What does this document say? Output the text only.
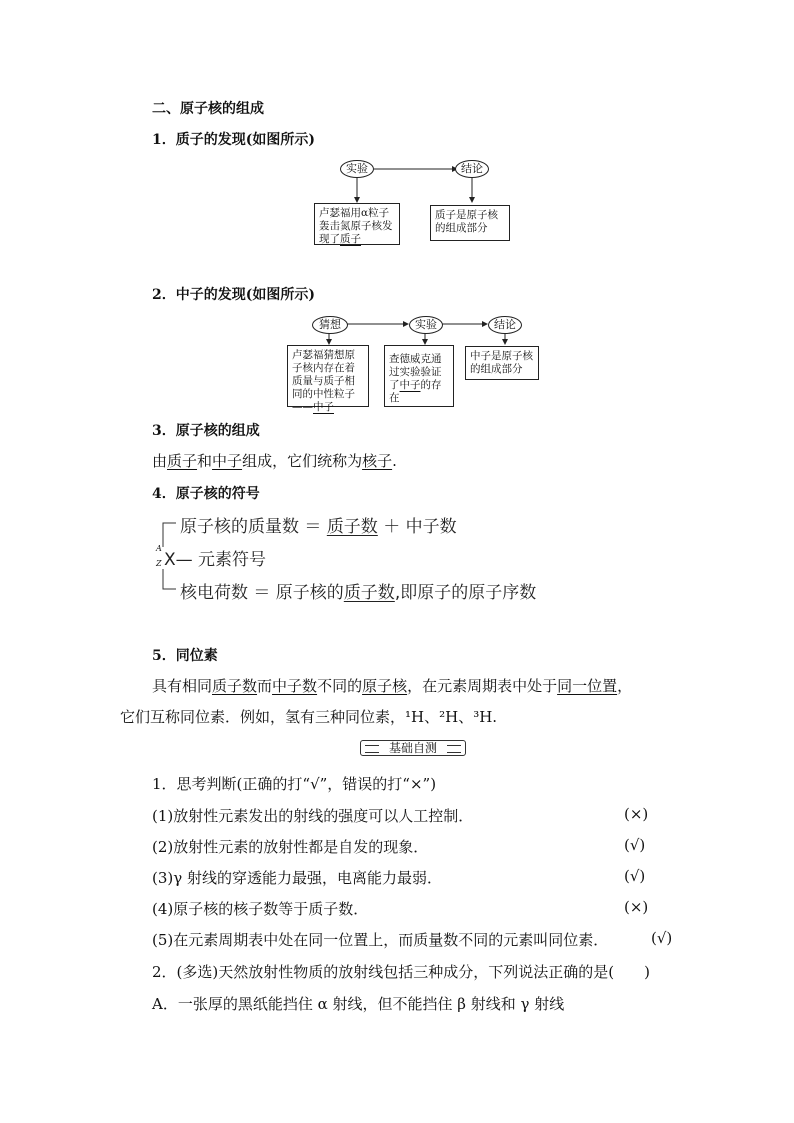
二、原子核的组成
1．质子的发现(如图所示)
实验	结论
卢瑟福用α粒子轰击氮原子核发现了质子
质子是原子核的组成部分
2．中子的发现(如图所示)
猜想	实验	结论
卢瑟福猜想原子核内存在着质量与质子相同的中性粒子——中子
查德威克通过实验验证了中子的存在
中子是原子核的组成部分
3．原子核的组成
由质子和中子组成，它们统称为核子.
4．原子核的符号
原子核的质量数 ＝ 质子数 ＋ 中子数
A
Z X— 元素符号
核电荷数 ＝ 原子核的质子数,即原子的原子序数
5．同位素
具有相同质子数而中子数不同的原子核，在元素周期表中处于同一位置，
它们互称同位素．例如，氢有三种同位素，¹H、²H、³H.
基础自测
1．思考判断(正确的打“√”，错误的打“×”)
(1)放射性元素发出的射线的强度可以人工控制．	(×)
(2)放射性元素的放射性都是自发的现象．	(√)
(3)γ 射线的穿透能力最强，电离能力最弱．	(√)
(4)原子核的核子数等于质子数．	(×)
(5)在元素周期表中处在同一位置上，而质量数不同的元素叫同位素．	(√)
2．(多选)天然放射性物质的放射线包括三种成分，下列说法正确的是(　　)
A．一张厚的黑纸能挡住 α 射线，但不能挡住 β 射线和 γ 射线
